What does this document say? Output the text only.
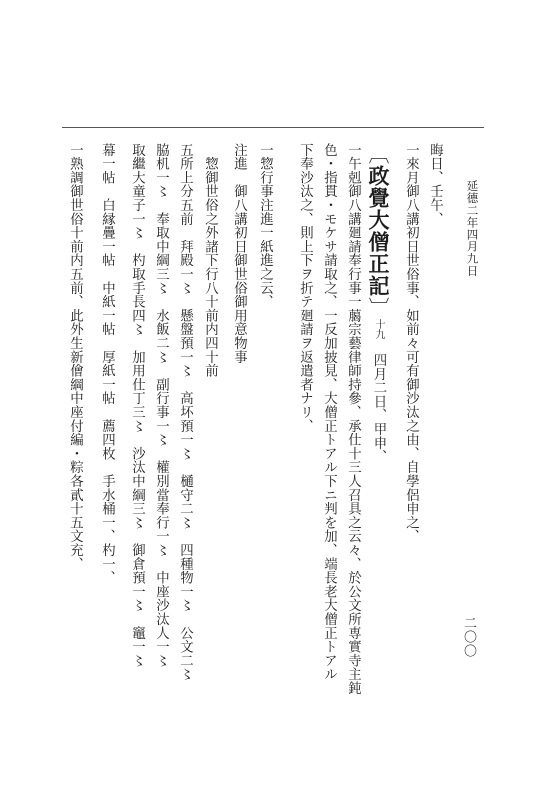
延德二年四月九日
二〇〇
晦日、壬午、
一來月御八講初日世俗事、如前々可有御沙汰之由、自學侶申之、
〔政覺大僧正記〕十九　四月二日、甲申、
一午剋御八講廻請奉行事一﨟宗藝律師持參、承仕十三人召具之云々、於公文所専實寺主鈍
色・指貫・モケサ請取之、一反加披見、大僧正トアル下ニ判を加、端長老大僧正トアル
下奉沙汰之、則上下ヲ折テ廻請ヲ返遣者ナリ、
一惣行事注進一紙進之云、
注進　御八講初日御世俗御用意物事
　惣御世俗之外諸下行八十前内四十前
五所上分五前　拜殿一〻　懸盤預一〻　高坏預一〻　樋守二〻　四種物一〻　公文二〻
脇机一〻　奉取中綱三〻　水飯二〻　副行事一〻　權別當奉行一〻　中座沙汰人一〻
取繼大童子一〻　杓取手長四〻　加用仕丁三〻　沙汰中綱三〻　御倉預一〻　竈一〻
幕一帖　白縁疊一帖　中紙一帖　厚紙一帖　薦四枚　手水桶一、杓一、
一熟調御世俗十前内五前、此外生新儈綱中座付編・粽各貳十五文充、
